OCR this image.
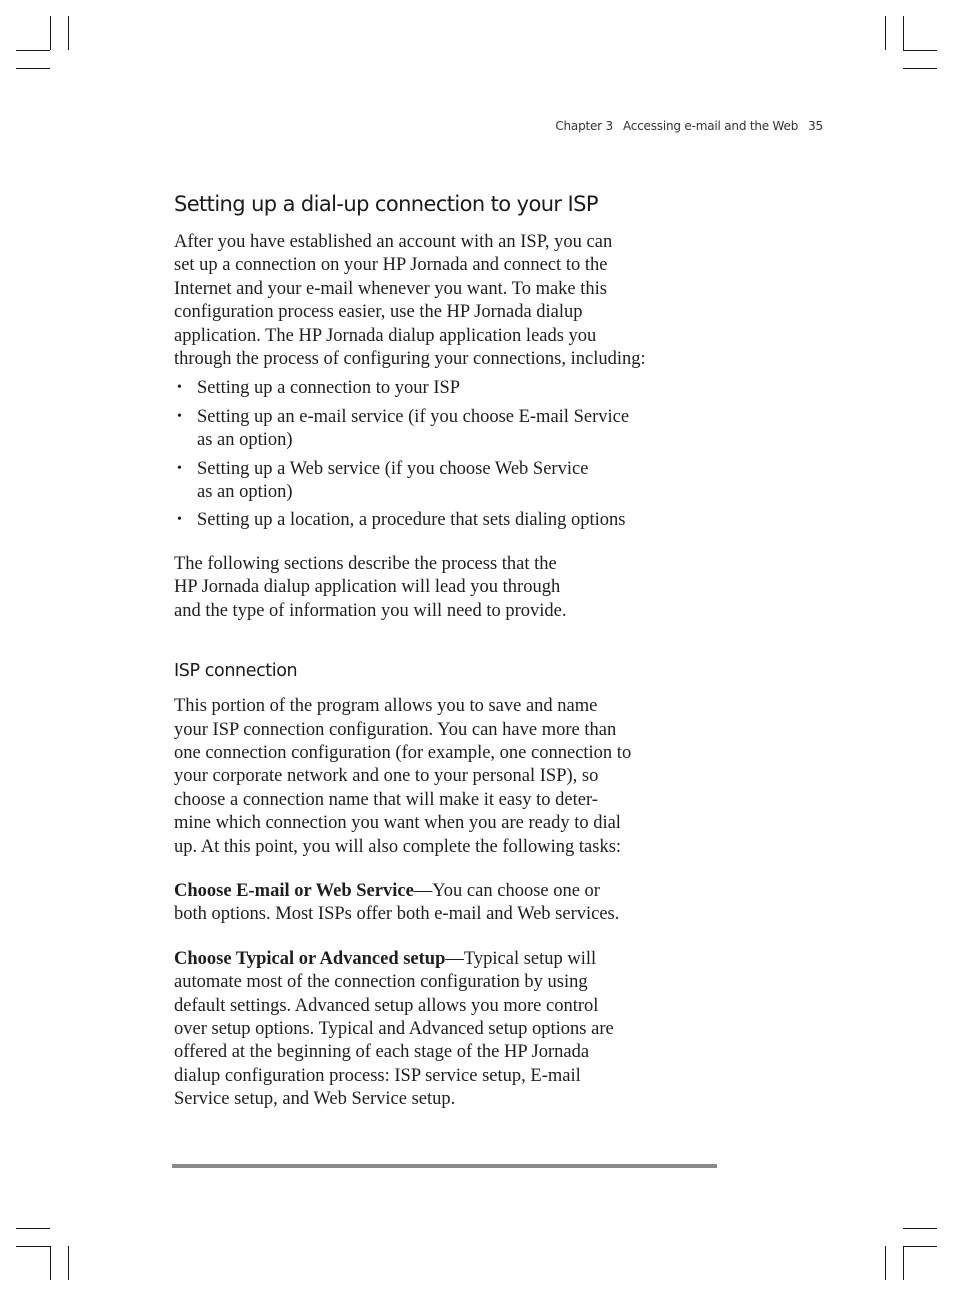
Chapter 3 Accessing e-mail and the Web 35
Setting up a dial-up connection to your ISP

After you have established an account with an ISP, you can
set up a connection on your HP Jornada and connect to the
Internet and your e-mail whenever you want. To make this
configuration process easier, use the HP Jornada dialup
application. The HP Jornada dialup application leads you
through the process of configuring your connections, including:

• Setting up a connection to your ISP
• Setting up an e-mail service (if you choose E-mail Service
as an option)
• Setting up a Web service (if you choose Web Service
as an option)
• Setting up a location, a procedure that sets dialing options

The following sections describe the process that the
HP Jornada dialup application will lead you through
and the type of information you will need to provide.

ISP connection

This portion of the program allows you to save and name
your ISP connection configuration. You can have more than
one connection configuration (for example, one connection to
your corporate network and one to your personal ISP), so
choose a connection name that will make it easy to deter-
mine which connection you want when you are ready to dial
up. At this point, you will also complete the following tasks:

Choose E-mail or Web Service—You can choose one or
both options. Most ISPs offer both e-mail and Web services.

Choose Typical or Advanced setup—Typical setup will
automate most of the connection configuration by using
default settings. Advanced setup allows you more control
over setup options. Typical and Advanced setup options are
offered at the beginning of each stage of the HP Jornada
dialup configuration process: ISP service setup, E-mail
Service setup, and Web Service setup.
